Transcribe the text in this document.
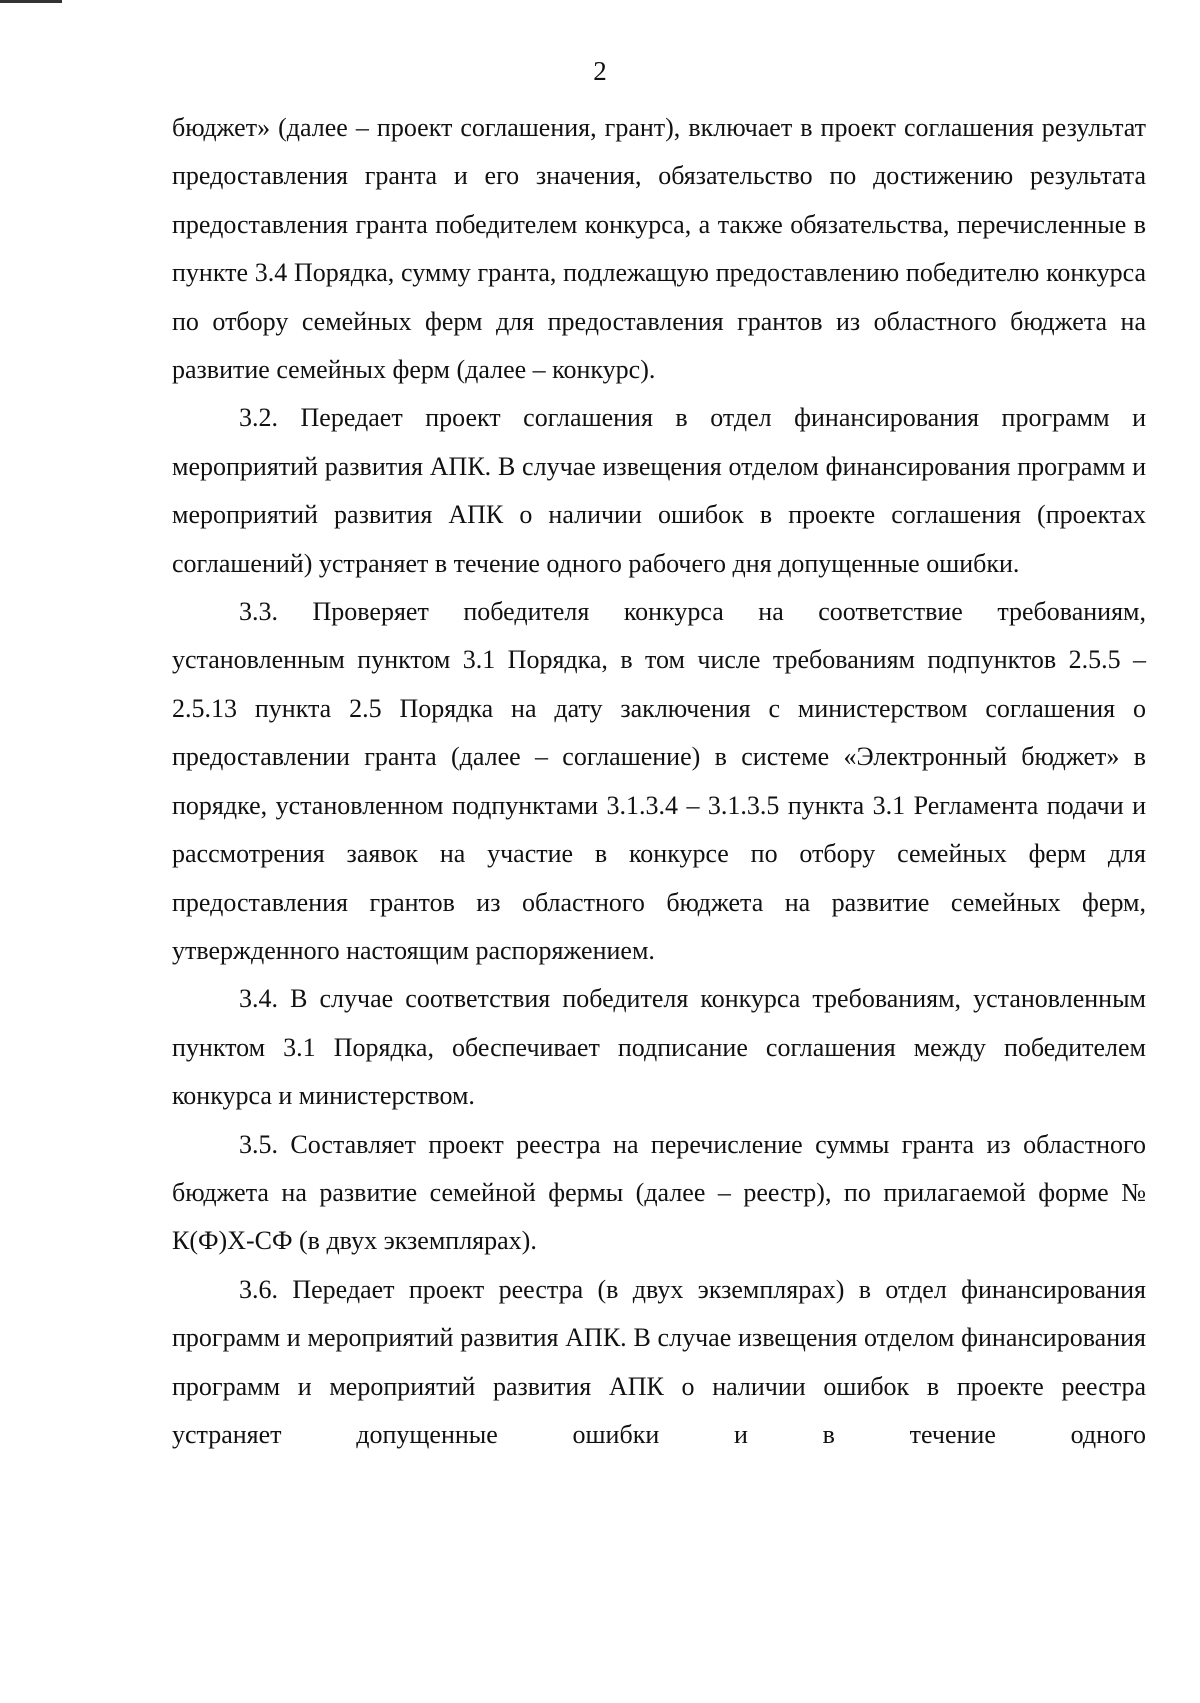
2

бюджет» (далее – проект соглашения, грант), включает в проект соглашения результат предоставления гранта и его значения, обязательство по достижению результата предоставления гранта победителем конкурса, а также обязательства, перечисленные в пункте 3.4 Порядка, сумму гранта, подлежащую предоставлению победителю конкурса по отбору семейных ферм для предоставления грантов из областного бюджета на развитие семейных ферм (далее – конкурс).

3.2. Передает проект соглашения в отдел финансирования программ и мероприятий развития АПК. В случае извещения отделом финансирования программ и мероприятий развития АПК о наличии ошибок в проекте соглашения (проектах соглашений) устраняет в течение одного рабочего дня допущенные ошибки.

3.3. Проверяет победителя конкурса на соответствие требованиям, установленным пунктом 3.1 Порядка, в том числе требованиям подпунктов 2.5.5 – 2.5.13 пункта 2.5 Порядка на дату заключения с министерством соглашения о предоставлении гранта (далее – соглашение) в системе «Электронный бюджет» в порядке, установленном подпунктами 3.1.3.4 – 3.1.3.5 пункта 3.1 Регламента подачи и рассмотрения заявок на участие в конкурсе по отбору семейных ферм для предоставления грантов из областного бюджета на развитие семейных ферм, утвержденного настоящим распоряжением.

3.4. В случае соответствия победителя конкурса требованиям, установленным пунктом 3.1 Порядка, обеспечивает подписание соглашения между победителем конкурса и министерством.

3.5. Составляет проект реестра на перечисление суммы гранта из областного бюджета на развитие семейной фермы (далее – реестр), по прилагаемой форме № К(Ф)Х-СФ (в двух экземплярах).

3.6. Передает проект реестра (в двух экземплярах) в отдел финансирования программ и мероприятий развития АПК. В случае извещения отделом финансирования программ и мероприятий развития АПК о наличии ошибок в проекте реестра устраняет допущенные ошибки и в течение одного
